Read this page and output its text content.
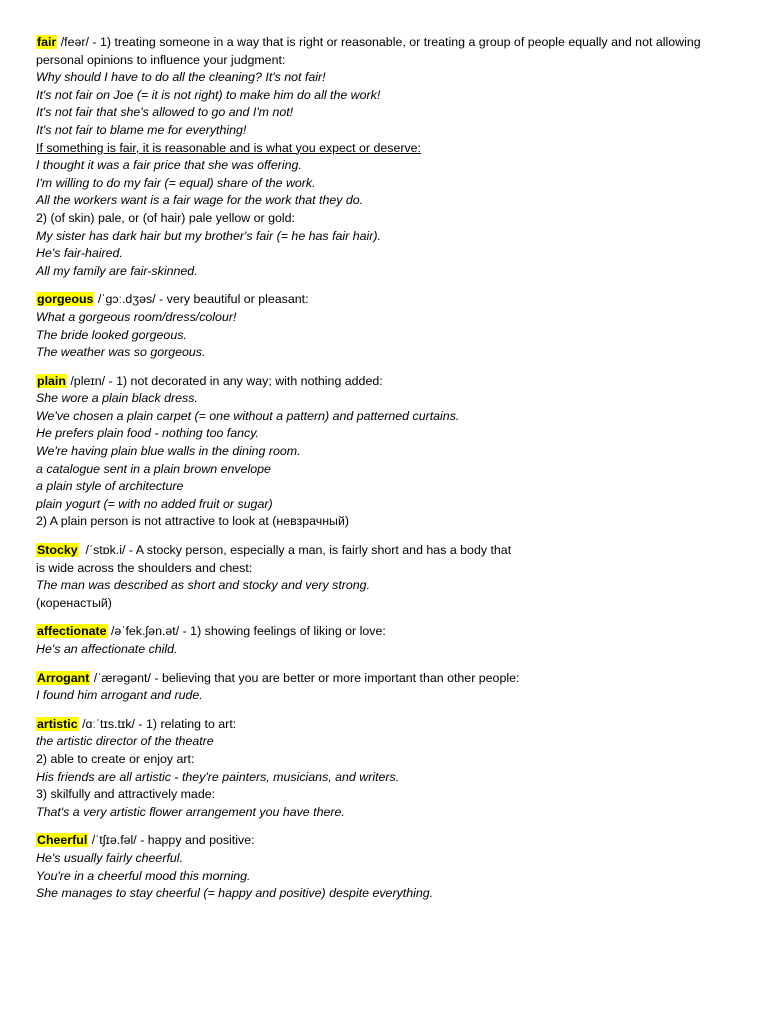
fair /feər/ - 1) treating someone in a way that is right or reasonable, or treating a group of people equally and not allowing personal opinions to influence your judgment:
Why should I have to do all the cleaning? It's not fair!
It's not fair on Joe (= it is not right) to make him do all the work!
It's not fair that she's allowed to go and I'm not!
It's not fair to blame me for everything!
If something is fair, it is reasonable and is what you expect or deserve:
I thought it was a fair price that she was offering.
I'm willing to do my fair (= equal) share of the work.
All the workers want is a fair wage for the work that they do.
2) (of skin) pale, or (of hair) pale yellow or gold:
My sister has dark hair but my brother's fair (= he has fair hair).
He's fair-haired.
All my family are fair-skinned.
gorgeous /ˈɡɔː.dʒəs/ - very beautiful or pleasant:
What a gorgeous room/dress/colour!
The bride looked gorgeous.
The weather was so gorgeous.
plain /pleɪn/ - 1) not decorated in any way; with nothing added:
She wore a plain black dress.
We've chosen a plain carpet (= one without a pattern) and patterned curtains.
He prefers plain food - nothing too fancy.
We're having plain blue walls in the dining room.
a catalogue sent in a plain brown envelope
a plain style of architecture
plain yogurt (= with no added fruit or sugar)
2) A plain person is not attractive to look at (невзрачный)
Stocky  /ˈstɒk.i/ - A stocky person, especially a man, is fairly short and has a body that
is wide across the shoulders and chest:
The man was described as short and stocky and very strong.
(коренастый)
affectionate /əˈfek.ʃən.ət/ - 1) showing feelings of liking or love:
He's an affectionate child.
Arrogant /ˈærəɡənt/ - believing that you are better or more important than other people:
I found him arrogant and rude.
artistic /ɑːˈtɪs.tɪk/ - 1) relating to art:
the artistic director of the theatre
2) able to create or enjoy art:
His friends are all artistic - they're painters, musicians, and writers.
3) skilfully and attractively made:
That's a very artistic flower arrangement you have there.
Cheerful /ˈtʃɪə.fəl/ - happy and positive:
He's usually fairly cheerful.
You're in a cheerful mood this morning.
She manages to stay cheerful (= happy and positive) despite everything.
